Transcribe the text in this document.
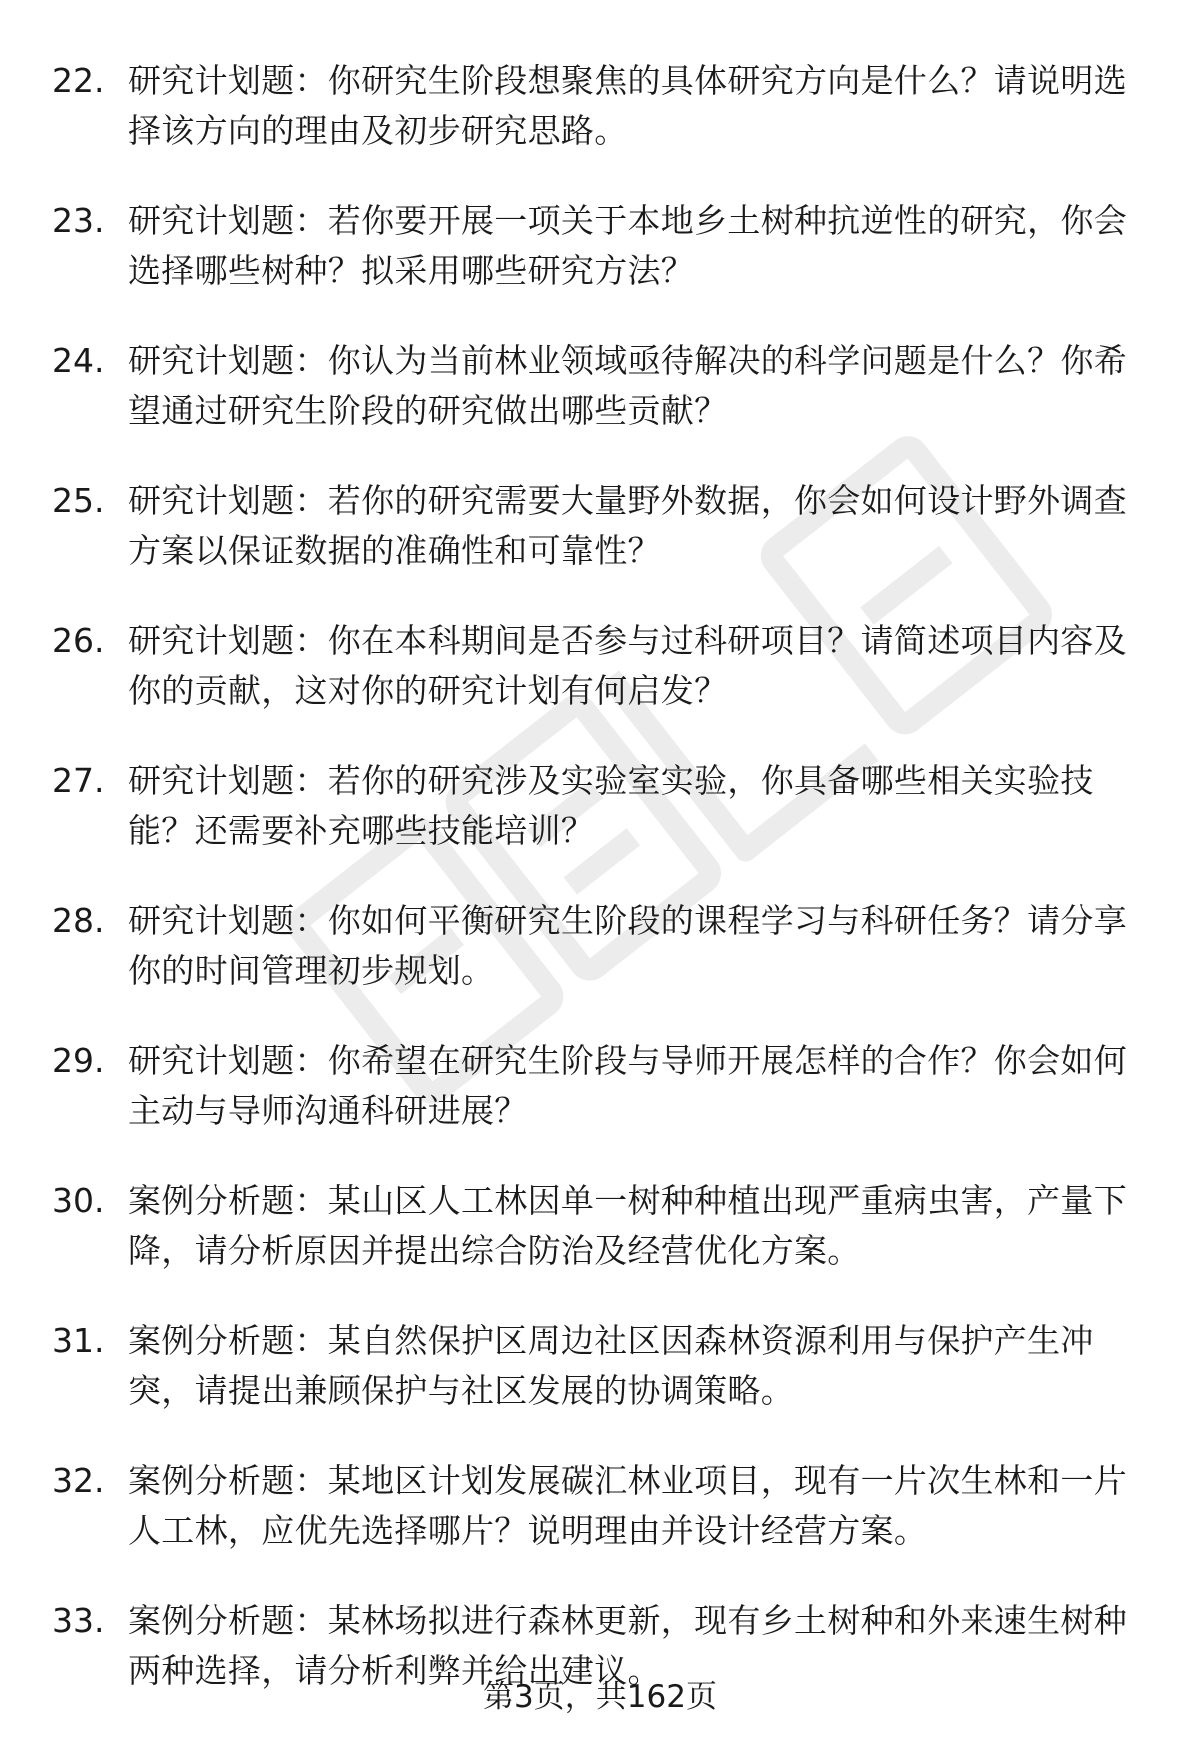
22. 研究计划题：你研究生阶段想聚焦的具体研究方向是什么？请说明选择该方向的理由及初步研究思路。
23. 研究计划题：若你要开展一项关于本地乡土树种抗逆性的研究，你会选择哪些树种？拟采用哪些研究方法？
24. 研究计划题：你认为当前林业领域亟待解决的科学问题是什么？你希望通过研究生阶段的研究做出哪些贡献？
25. 研究计划题：若你的研究需要大量野外数据，你会如何设计野外调查方案以保证数据的准确性和可靠性？
26. 研究计划题：你在本科期间是否参与过科研项目？请简述项目内容及你的贡献，这对你的研究计划有何启发？
27. 研究计划题：若你的研究涉及实验室实验，你具备哪些相关实验技能？还需要补充哪些技能培训？
28. 研究计划题：你如何平衡研究生阶段的课程学习与科研任务？请分享你的时间管理初步规划。
29. 研究计划题：你希望在研究生阶段与导师开展怎样的合作？你会如何主动与导师沟通科研进展？
30. 案例分析题：某山区人工林因单一树种种植出现严重病虫害，产量下降，请分析原因并提出综合防治及经营优化方案。
31. 案例分析题：某自然保护区周边社区因森林资源利用与保护产生冲突，请提出兼顾保护与社区发展的协调策略。
32. 案例分析题：某地区计划发展碳汇林业项目，现有一片次生林和一片人工林，应优先选择哪片？说明理由并设计经营方案。
33. 案例分析题：某林场拟进行森林更新，现有乡土树种和外来速生树种两种选择，请分析利弊并给出建议。
第3页，共162页
